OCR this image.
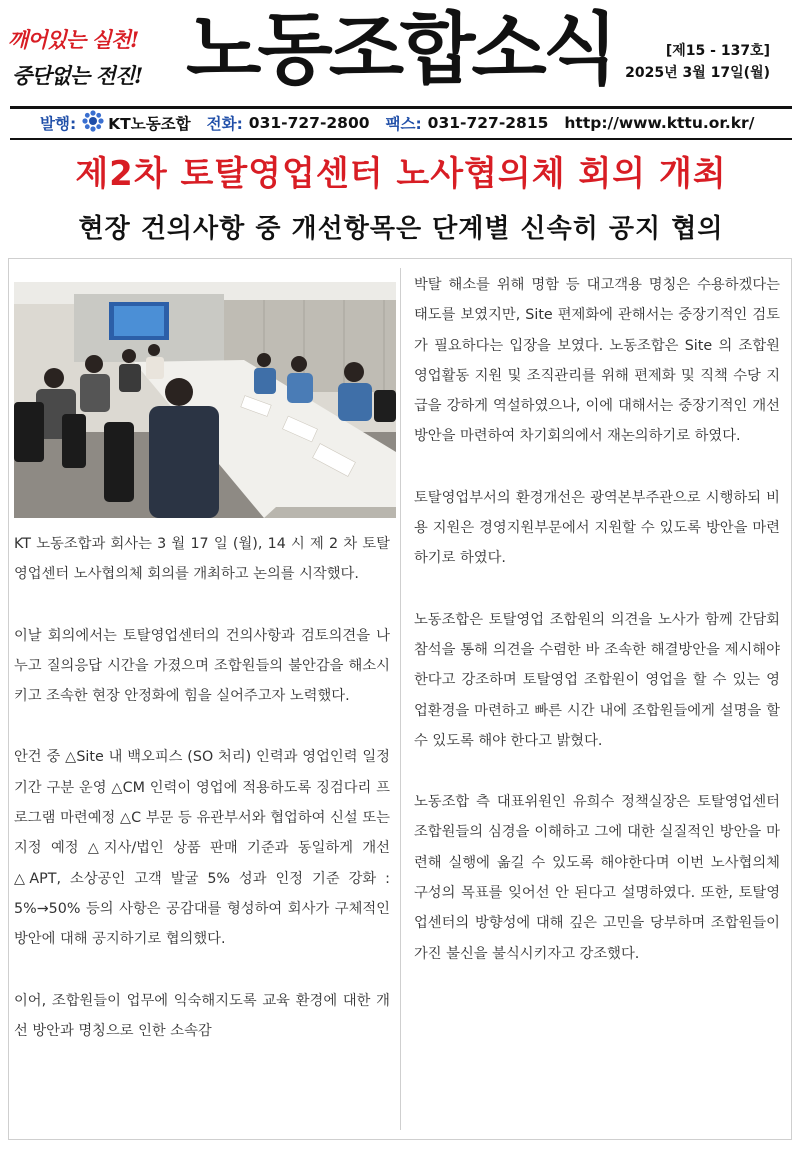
깨어있는 실천!
중단없는 전진! 노동조합소식	[제15 - 137호]
2025년 3월 17일(월)
발행: KT노동조합 전화: 031-727-2800 팩스: 031-727-2815 http://www.kttu.or.kr/
제2차 토탈영업센터 노사협의체 회의 개최
현장 건의사항 중 개선항목은 단계별 신속히 공지 협의

KT 노동조합과 회사는 3 월 17 일 (월), 14 시 제 2 차 토탈영업센터 노사협의체 회의를 개최하고 논의를 시작했다.

이날 회의에서는 토탈영업센터의 건의사항과 검토의견을 나누고 질의응답 시간을 가졌으며 조합원들의 불안감을 해소시키고 조속한 현장 안정화에 힘을 실어주고자 노력했다.

안건 중 △Site 내 백오피스 (SO 처리) 인력과 영업인력 일정기간 구분 운영 △CM 인력이 영업에 적용하도록 징검다리 프로그램 마련예정 △C 부문 등 유관부서와 협업하여 신설 또는 지정 예정 △지사/법인 상품 판매 기준과 동일하게 개선 △APT, 소상공인 고객 발굴 5% 성과 인정 기준 강화 : 5%→50% 등의 사항은 공감대를 형성하여 회사가 구체적인 방안에 대해 공지하기로 협의했다.

이어, 조합원들이 업무에 익숙해지도록 교육 환경에 대한 개선 방안과 명칭으로 인한 소속감

박탈 해소를 위해 명함 등 대고객용 명칭은 수용하겠다는 태도를 보였지만, Site 편제화에 관해서는 중장기적인 검토가 필요하다는 입장을 보였다. 노동조합은 Site 의 조합원 영업활동 지원 및 조직관리를 위해 편제화 및 직책 수당 지급을 강하게 역설하였으나, 이에 대해서는 중장기적인 개선 방안을 마련하여 차기회의에서 재논의하기로 하였다.

토탈영업부서의 환경개선은 광역본부주관으로 시행하되 비용 지원은 경영지원부문에서 지원할 수 있도록 방안을 마련하기로 하였다.

노동조합은 토탈영업 조합원의 의견을 노사가 함께 간담회 참석을 통해 의견을 수렴한 바 조속한 해결방안을 제시해야한다고 강조하며 토탈영업 조합원이 영업을 할 수 있는 영업환경을 마련하고 빠른 시간 내에 조합원들에게 설명을 할 수 있도록 해야 한다고 밝혔다.

노동조합 측 대표위원인 유희수 정책실장은 토탈영업센터 조합원들의 심경을 이해하고 그에 대한 실질적인 방안을 마련해 실행에 옮길 수 있도록 해야한다며 이번 노사협의체 구성의 목표를 잊어선 안 된다고 설명하였다. 또한, 토탈영업센터의 방향성에 대해 깊은 고민을 당부하며 조합원들이 가진 불신을 불식시키자고 강조했다.
